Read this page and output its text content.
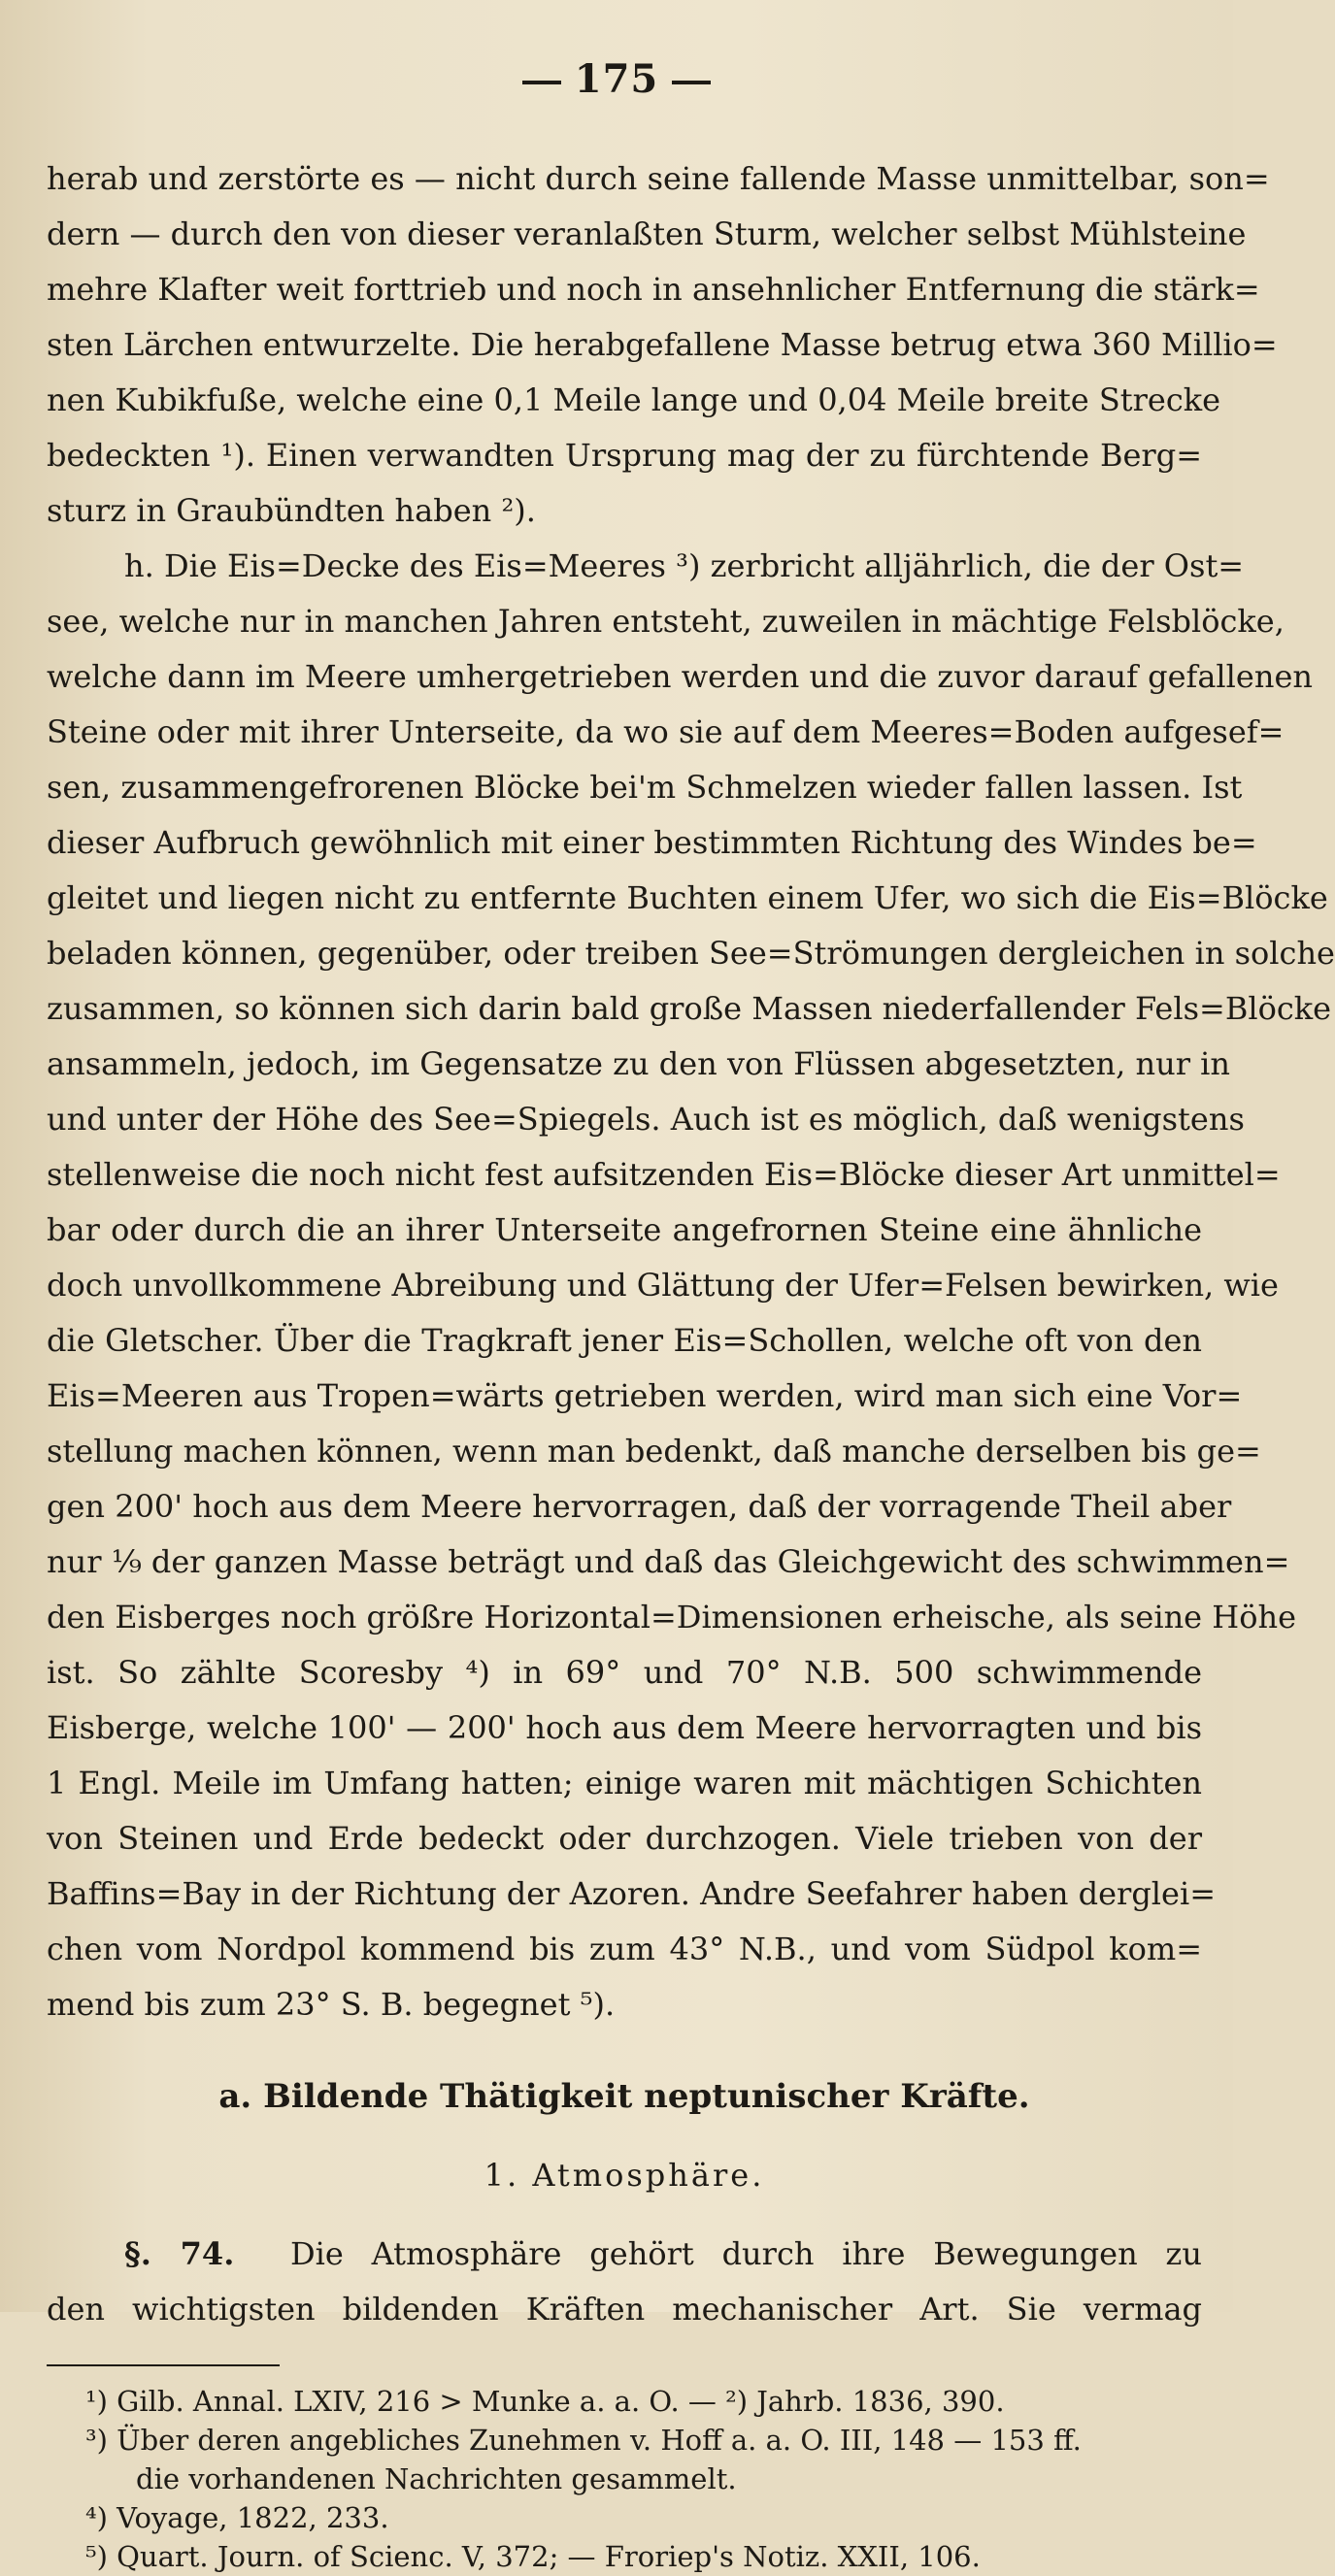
175
herab und zerstörte es — nicht durch seine fallende Masse unmittelbar, son=
dern — durch den von dieser veranlaßten Sturm, welcher selbst Mühlsteine
mehre Klafter weit forttrieb und noch in ansehnlicher Entfernung die stärk=
sten Lärchen entwurzelte. Die herabgefallene Masse betrug etwa 360 Millio=
nen Kubikfuße, welche eine 0,1 Meile lange und 0,04 Meile breite Strecke
bedeckten ¹). Einen verwandten Ursprung mag der zu fürchtende Berg=
sturz in Graubündten haben ²).
h. Die Eis=Decke des Eis=Meeres ³) zerbricht alljährlich, die der Ost=
see, welche nur in manchen Jahren entsteht, zuweilen in mächtige Felsblöcke,
welche dann im Meere umhergetrieben werden und die zuvor darauf gefallenen
Steine oder mit ihrer Unterseite, da wo sie auf dem Meeres=Boden aufgesef=
sen, zusammengefrorenen Blöcke bei'm Schmelzen wieder fallen lassen. Ist
dieser Aufbruch gewöhnlich mit einer bestimmten Richtung des Windes be=
gleitet und liegen nicht zu entfernte Buchten einem Ufer, wo sich die Eis=Blöcke
beladen können, gegenüber, oder treiben See=Strömungen dergleichen in solche
zusammen, so können sich darin bald große Massen niederfallender Fels=Blöcke
ansammeln, jedoch, im Gegensatze zu den von Flüssen abgesetzten, nur in
und unter der Höhe des See=Spiegels. Auch ist es möglich, daß wenigstens
stellenweise die noch nicht fest aufsitzenden Eis=Blöcke dieser Art unmittel=
bar oder durch die an ihrer Unterseite angefrornen Steine eine ähnliche
doch unvollkommene Abreibung und Glättung der Ufer=Felsen bewirken, wie
die Gletscher. Über die Tragkraft jener Eis=Schollen, welche oft von den
Eis=Meeren aus Tropen=wärts getrieben werden, wird man sich eine Vor=
stellung machen können, wenn man bedenkt, daß manche derselben bis ge=
gen 200' hoch aus dem Meere hervorragen, daß der vorragende Theil aber
nur ⅑ der ganzen Masse beträgt und daß das Gleichgewicht des schwimmen=
den Eisberges noch größre Horizontal=Dimensionen erheische, als seine Höhe
ist. So zählte Scoresby ⁴) in 69° und 70° N.B. 500 schwimmende
Eisberge, welche 100' — 200' hoch aus dem Meere hervorragten und bis
1 Engl. Meile im Umfang hatten; einige waren mit mächtigen Schichten
von Steinen und Erde bedeckt oder durchzogen. Viele trieben von der
Baffins=Bay in der Richtung der Azoren. Andre Seefahrer haben derglei=
chen vom Nordpol kommend bis zum 43° N.B., und vom Südpol kom=
mend bis zum 23° S. B. begegnet ⁵).
a. Bildende Thätigkeit neptunischer Kräfte.
1. Atmosphäre.
§. 74. Die Atmosphäre gehört durch ihre Bewegungen zu
den wichtigsten bildenden Kräften mechanischer Art. Sie vermag
¹) Gilb. Annal. LXIV, 216 > Munke a. a. O. — ²) Jahrb. 1836, 390.
³) Über deren angebliches Zunehmen v. Hoff a. a. O. III, 148 — 153 ff.
die vorhandenen Nachrichten gesammelt.
⁴) Voyage, 1822, 233.
⁵) Quart. Journ. of Scienc. V, 372; — Froriep's Notiz. XXII, 106.
